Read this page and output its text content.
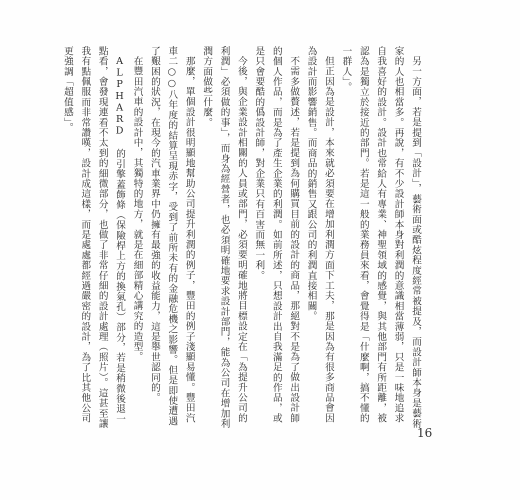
另一方面，若是提到「設計」，藝術面或酷炫程度經常被提及，而設計師本身是藝術家的人也相當多。再說，有不少設計師本身對利潤的意識相當薄弱，只是一味地追求自我喜好的設計。設計也常給人有專業、神聖領域的感覺，與其他部門有所距離，被認為是獨立於接近的部門。若是這一般的業務員來看，會覺得是「什麼啊，搞不懂的一群人」。

但正因為是設計，本來就必須要在增加利潤方面下工夫，那是因為有很多商品會因為設計而影響銷售。而商品的銷售又跟公司的利潤直接相關。

不需多做贅述，若是提到為何購買目前的設計的商品，那絕對不是為了做出設計師的個人作品，而是為了產生企業的利潤。如前所述，只想設計出自我滿足的作品，或是只會要酷的僞設計師，對企業只有百害而無一利。

今後，與企業設計相關的人員或部門，必須要明確地將目標設定在「為提升公司的利潤」必須做的事」，而身為經營者，也必須明確地要求設計部門，能為公司在增加利潤方面做些什麼。

那麼，單個設計很明顯地幫助公司提升利潤的例子，豐田的例子淺顯易懂。豐田汽車二○○八年度的結算呈現赤字，受到了前所未有的金融危機之影響。但是即使遭遇了艱困的狀況，在現今的汽車業界中仍擁有最強的收益能力，這是舉世認同的。

在豐田汽車的設計中，其獨特的地方，就是在細部精心講究的造型。

ALPHARD 的引擎蓋飾條（保險桿上方的換氣孔）部分，若是稍微後退一點看，會發現連看不太到的細微部分，也做了非常仔細的設計處理（照片）。這甚至讓我有點佩服而非常讚嘆，設計成這樣，而是處處都經過嚴密的設計，為了比其他公司更強調「超值感」。

16
